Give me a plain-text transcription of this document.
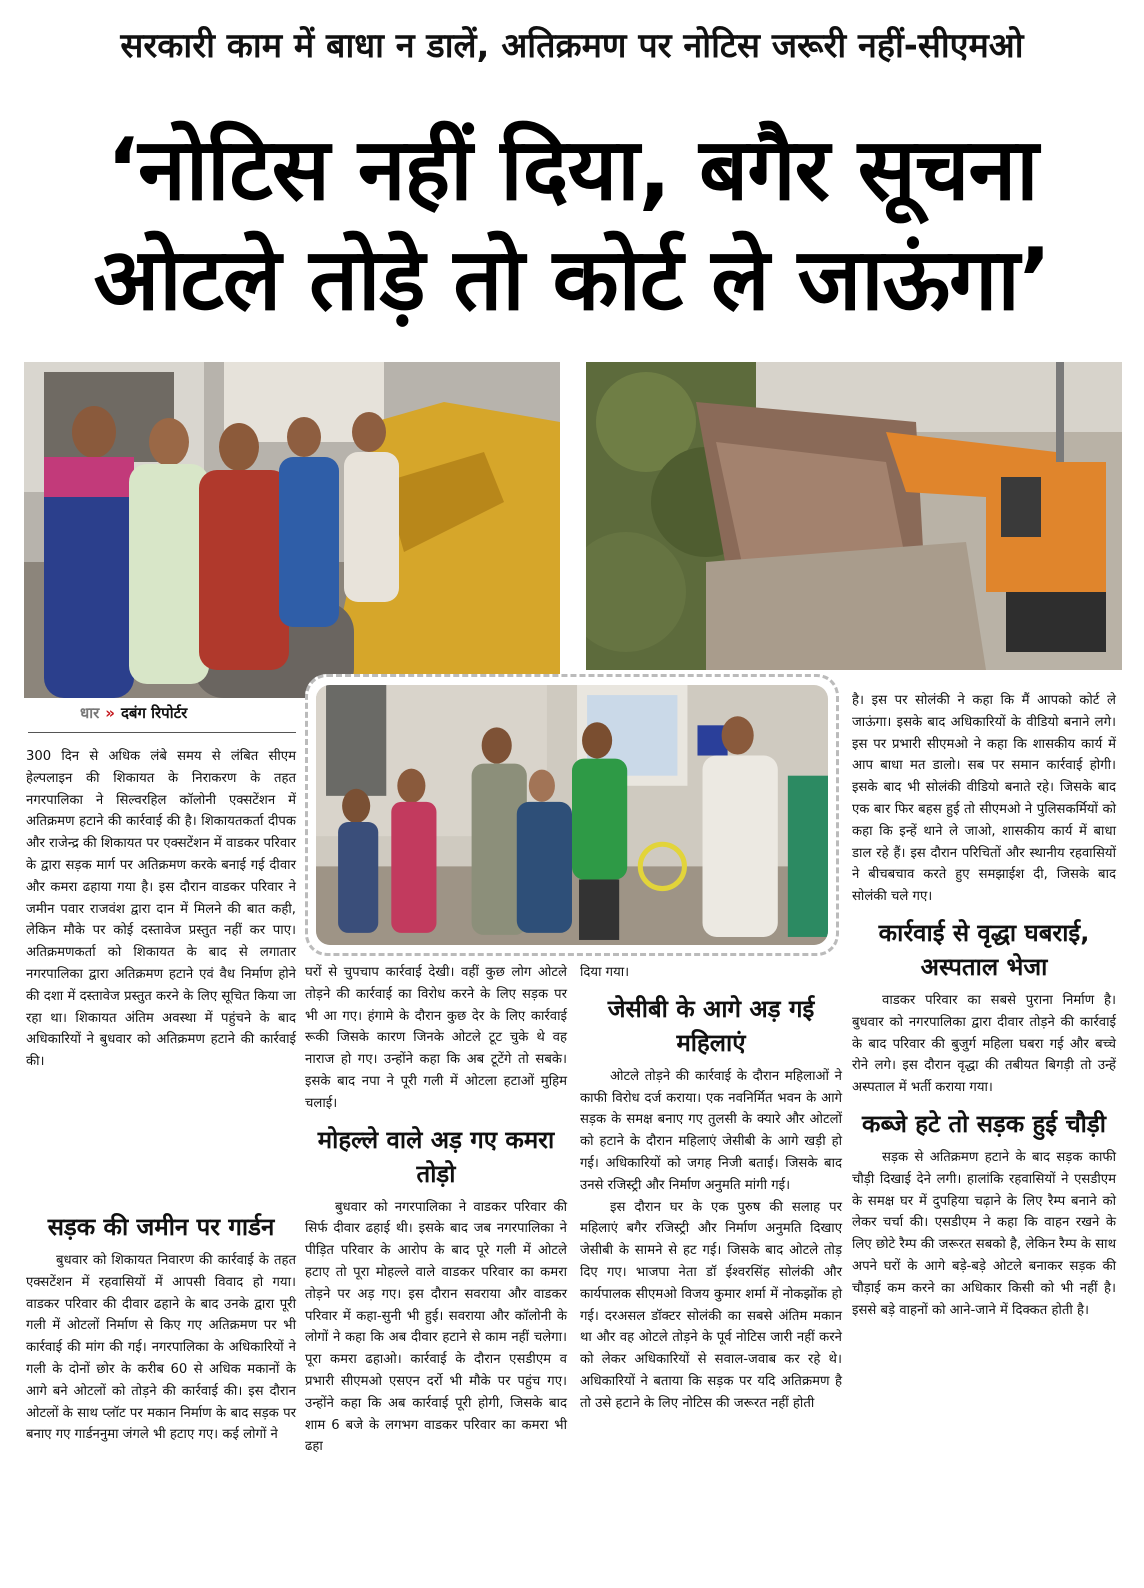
सरकारी काम में बाधा न डालें, अतिक्रमण पर नोटिस जरूरी नहीं-सीएमओ
‘नोटिस नहीं दिया, बगैर सूचना
ओटले तोड़े तो कोर्ट ले जाऊंगा’
धार » दबंग रिपोर्टर

300 दिन से अधिक लंबे समय से लंबित सीएम हेल्पलाइन की शिकायत के निराकरण के तहत नगरपालिका ने सिल्वरहिल कॉलोनी एक्सटेंशन में अतिक्रमण हटाने की कार्रवाई की है। शिकायतकर्ता दीपक और राजेन्द्र की शिकायत पर एक्सटेंशन में वाडकर परिवार के द्वारा सड़क मार्ग पर अतिक्रमण करके बनाई गई दीवार और कमरा ढहाया गया है। इस दौरान वाडकर परिवार ने जमीन पवार राजवंश द्वारा दान में मिलने की बात कही, लेकिन मौके पर कोई दस्तावेज प्रस्तुत नहीं कर पाए। अतिक्रमणकर्ता को शिकायत के बाद से लगातार नगरपालिका द्वारा अतिक्रमण हटाने एवं वैध निर्माण होने की दशा में दस्तावेज प्रस्तुत करने के लिए सूचित किया जा रहा था। शिकायत अंतिम अवस्था में पहुंचने के बाद अधिकारियों ने बुधवार को अतिक्रमण हटाने की कार्रवाई की।

सड़क की जमीन पर गार्डन

बुधवार को शिकायत निवारण की कार्रवाई के तहत एक्सटेंशन में रहवासियों में आपसी विवाद हो गया। वाडकर परिवार की दीवार ढहाने के बाद उनके द्वारा पूरी गली में ओटलों निर्माण से किए गए अतिक्रमण पर भी कार्रवाई की मांग की गई। नगरपालिका के अधिकारियों ने गली के दोनों छोर के करीब 60 से अधिक मकानों के आगे बने ओटलों को तोड़ने की कार्रवाई की। इस दौरान ओटलों के साथ प्लॉट पर मकान निर्माण के बाद सड़क पर बनाए गए गार्डननुमा जंगले भी हटाए गए। कई लोगों ने

घरों से चुपचाप कार्रवाई देखी। वहीं कुछ लोग ओटले तोड़ने की कार्रवाई का विरोध करने के लिए सड़क पर भी आ गए। हंगामे के दौरान कुछ देर के लिए कार्रवाई रूकी जिसके कारण जिनके ओटले टूट चुके थे वह नाराज हो गए। उन्होंने कहा कि अब टूटेंगे तो सबके। इसके बाद नपा ने पूरी गली में ओटला हटाओं मुहिम चलाई।

मोहल्ले वाले अड़ गए कमरा तोड़ो

बुधवार को नगरपालिका ने वाडकर परिवार की सिर्फ दीवार ढहाई थी। इसके बाद जब नगरपालिका ने पीड़ित परिवार के आरोप के बाद पूरे गली में ओटले हटाए तो पूरा मोहल्ले वाले वाडकर परिवार का कमरा तोड़ने पर अड़ गए। इस दौरान सवराया और वाडकर परिवार में कहा-सुनी भी हुई। सवराया और कॉलोनी के लोगों ने कहा कि अब दीवार हटाने से काम नहीं चलेगा। पूरा कमरा ढहाओ। कार्रवाई के दौरान एसडीएम व प्रभारी सीएमओ एसएन दर्रो भी मौके पर पहुंच गए। उन्होंने कहा कि अब कार्रवाई पूरी होगी, जिसके बाद शाम 6 बजे के लगभग वाडकर परिवार का कमरा भी ढहा

दिया गया।

जेसीबी के आगे अड़ गई महिलाएं

ओटले तोड़ने की कार्रवाई के दौरान महिलाओं ने काफी विरोध दर्ज कराया। एक नवनिर्मित भवन के आगे सड़क के समक्ष बनाए गए तुलसी के क्यारे और ओटलों को हटाने के दौरान महिलाएं जेसीबी के आगे खड़ी हो गई। अधिकारियों को जगह निजी बताई। जिसके बाद उनसे रजिस्ट्री और निर्माण अनुमति मांगी गई।

इस दौरान घर के एक पुरुष की सलाह पर महिलाएं बगैर रजिस्ट्री और निर्माण अनुमति दिखाए जेसीबी के सामने से हट गई। जिसके बाद ओटले तोड़ दिए गए। भाजपा नेता डॉ ईश्वरसिंह सोलंकी और कार्यपालक सीएमओ विजय कुमार शर्मा में नोकझोंक हो गई। दरअसल डॉक्टर सोलंकी का सबसे अंतिम मकान था और वह ओटले तोड़ने के पूर्व नोटिस जारी नहीं करने को लेकर अधिकारियों से सवाल-जवाब कर रहे थे। अधिकारियों ने बताया कि सड़क पर यदि अतिक्रमण है तो उसे हटाने के लिए नोटिस की जरूरत नहीं होती

है। इस पर सोलंकी ने कहा कि मैं आपको कोर्ट ले जाऊंगा। इसके बाद अधिकारियों के वीडियो बनाने लगे। इस पर प्रभारी सीएमओ ने कहा कि शासकीय कार्य में आप बाधा मत डालो। सब पर समान कार्रवाई होगी। इसके बाद भी सोलंकी वीडियो बनाते रहे। जिसके बाद एक बार फिर बहस हुई तो सीएमओ ने पुलिसकर्मियों को कहा कि इन्हें थाने ले जाओ, शासकीय कार्य में बाधा डाल रहे हैं। इस दौरान परिचितों और स्थानीय रहवासियों ने बीचबचाव करते हुए समझाईश दी, जिसके बाद सोलंकी चले गए।

कार्रवाई से वृद्धा घबराई, अस्पताल भेजा

वाडकर परिवार का सबसे पुराना निर्माण है। बुधवार को नगरपालिका द्वारा दीवार तोड़ने की कार्रवाई के बाद परिवार की बुजुर्ग महिला घबरा गई और बच्चे रोने लगे। इस दौरान वृद्धा की तबीयत बिगड़ी तो उन्हें अस्पताल में भर्ती कराया गया।

कब्जे हटे तो सड़क हुई चौड़ी

सड़क से अतिक्रमण हटाने के बाद सड़क काफी चौड़ी दिखाई देने लगी। हालांकि रहवासियों ने एसडीएम के समक्ष घर में दुपहिया चढ़ाने के लिए रैम्प बनाने को लेकर चर्चा की। एसडीएम ने कहा कि वाहन रखने के लिए छोटे रैम्प की जरूरत सबको है, लेकिन रैम्प के साथ अपने घरों के आगे बड़े-बड़े ओटले बनाकर सड़क की चौड़ाई कम करने का अधिकार किसी को भी नहीं है। इससे बड़े वाहनों को आने-जाने में दिक्कत होती है।
